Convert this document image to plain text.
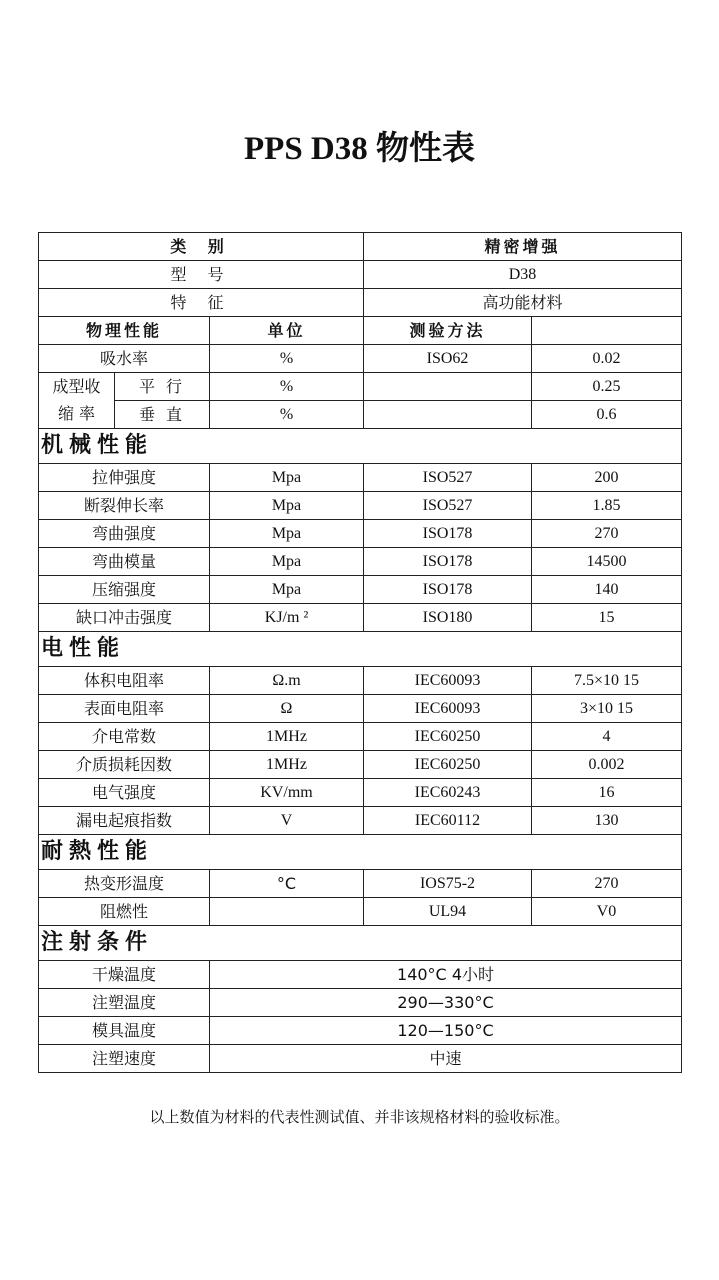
PPS D38 物性表
类 别			精密增强	
型 号			D38	
特 征			高功能材料	
物理性能		单位	测验方法	
吸水率		%	ISO62	0.02
成型收	平 行	%		0.25
缩 率	垂 直	%		0.6
机械性能				
拉伸强度		Mpa	ISO527	200
断裂伸长率		Mpa	ISO527	1.85
弯曲强度		Mpa	ISO178	270
弯曲模量		Mpa	ISO178	14500
压缩强度		Mpa	ISO178	140
缺口冲击强度		KJ/m ²	ISO180	15
电性能				
体积电阻率		Ω.m	IEC60093	7.5×10 15
表面电阻率		Ω	IEC60093	3×10 15
介电常数		1MHz	IEC60250	4
介质损耗因数		1MHz	IEC60250	0.002
电气强度		KV/mm	IEC60243	16
漏电起痕指数		V	IEC60112	130
耐熱性能				
热变形温度		°C	IOS75-2	270
阻燃性			UL94	V0
注射条件				
干燥温度		140°C 4小时		
注塑温度		290—330°C		
模具温度		120—150°C		
注塑速度		中速		
以上数值为材料的代表性测试值、并非该规格材料的验收标准。
